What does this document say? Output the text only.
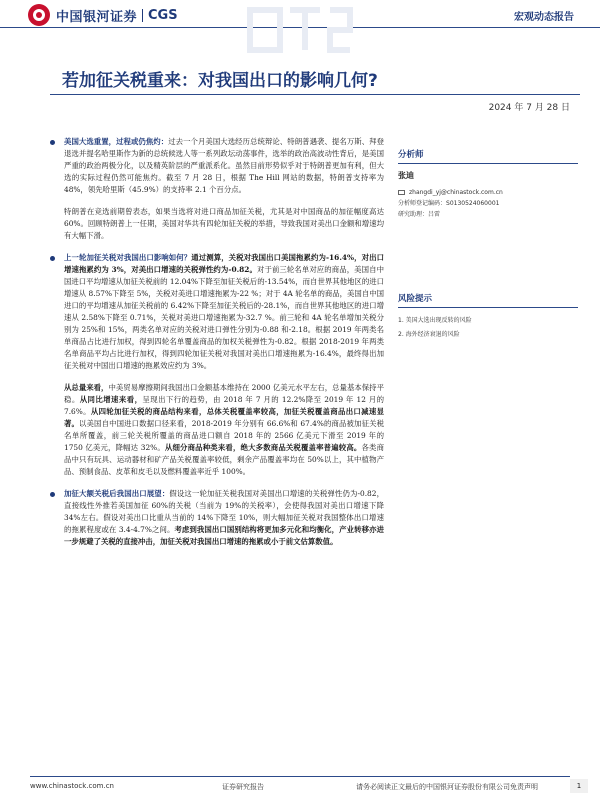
中国银河证券 CGS	宏观动态报告
若加征关税重来：对我国出口的影响几何?
2024 年 7 月 28 日

美国大选重置，过程或仍焦灼：过去一个月美国大选经历总统辩论、特朗普遇袭、提名万斯、拜登退选并提名哈里斯作为新的总统候选人等一系列政坛动荡事件，选举的政治高波动性背后，是美国严重的政治两极分化，以及精英阶层的严重派系化。虽然目前形势似乎对于特朗普更加有利，但大选的实际过程仍然可能焦灼。截至 7 月 28 日，根据 The Hill 网站的数据，特朗普支持率为 48%，领先哈里斯（45.9%）的支持率 2.1 个百分点。

特朗普在竞选前期曾表态，如果当选将对进口商品加征关税，尤其是对中国商品的加征幅度高达 60%。回顾特朗普上一任期，美国对华共有四轮加征关税的举措，导致我国对美出口金额和增速均有大幅下滑。

上一轮加征关税对我国出口影响如何？通过测算，关税对我国出口美国拖累约为-16.4%，对出口增速拖累约为 3%，对美出口增速的关税弹性约为-0.82。对于前三轮名单对应的商品，美国自中国进口平均增速从加征关税前的 12.04%下降至加征关税后的-13.54%，而自世界其他地区的进口增速从 8.57%下降至 5%，关税对美进口增速拖累为-22 %；对于 4A 轮名单的商品，美国自中国进口的平均增速从加征关税前的 6.42%下降至加征关税后的-28.1%，而自世界其他地区的进口增速从 2.58%下降至 0.71%，关税对美进口增速拖累为-32.7 %。前三轮和 4A 轮名单增加关税分别为 25%和 15%，两类名单对应的关税对进口弹性分别为-0.88 和-2.18。根据 2019 年两类名单商品占比进行加权，得到四轮名单覆盖商品的加权关税弹性为-0.82。根据 2018-2019 年两类名单商品平均占比进行加权，得到四轮加征关税对我国对美出口增速拖累为-16.4%，最终得出加征关税对中国出口增速的拖累效应约为 3%。

从总量来看，中美贸易摩擦期间我国出口金额基本维持在 2000 亿美元水平左右，总量基本保持平稳。从同比增速来看，呈现出下行的趋势，由 2018 年 7 月的 12.2%降至 2019 年 12 月的 7.6%。从四轮加征关税的商品结构来看，总体关税覆盖率较高，加征关税覆盖商品出口减速显著。以美国自中国进口数据口径来看，2018-2019 年分别有 66.6%和 67.4%的商品被加征关税名单所覆盖，前三轮关税所覆盖的商品进口额自 2018 年的 2566 亿美元下滑至 2019 年的 1750 亿美元，降幅达 32%。从细分商品种类来看，绝大多数商品关税覆盖率普遍较高。各类商品中只有玩具、运动器材和矿产品关税覆盖率较低，剩余产品覆盖率均在 50%以上，其中植物产品、预制食品、皮革和皮毛以及燃料覆盖率近乎 100%。

加征大额关税后我国出口展望：假设这一轮加征关税我国对美国出口增速的关税弹性仍为-0.82，直接线性外推若美国加征 60%的关税（当前为 19%的关税率），会使得我国对美出口增速下降 34%左右。假设对美出口比重从当前的 14%下降至 10%，则大幅加征关税对我国整体出口增速的拖累程度或在 3.4-4.7%之间。考虑到我国出口国别结构将更加多元化和均衡化，产业转移亦进一步规避了关税的直接冲击，加征关税对我国出口增速的拖累或小于前文估算数值。

分析师
张迪
zhangdi_yj@chinastock.com.cn
分析师登记编码： S0130524060001
研究助理： 吕雷
风险提示
1. 美国大选出现反转的风险
2. 海外经济衰退的风险
www.chinastock.com.cn	证券研究报告	请务必阅读正文最后的中国银河证券股份有限公司免责声明	1
